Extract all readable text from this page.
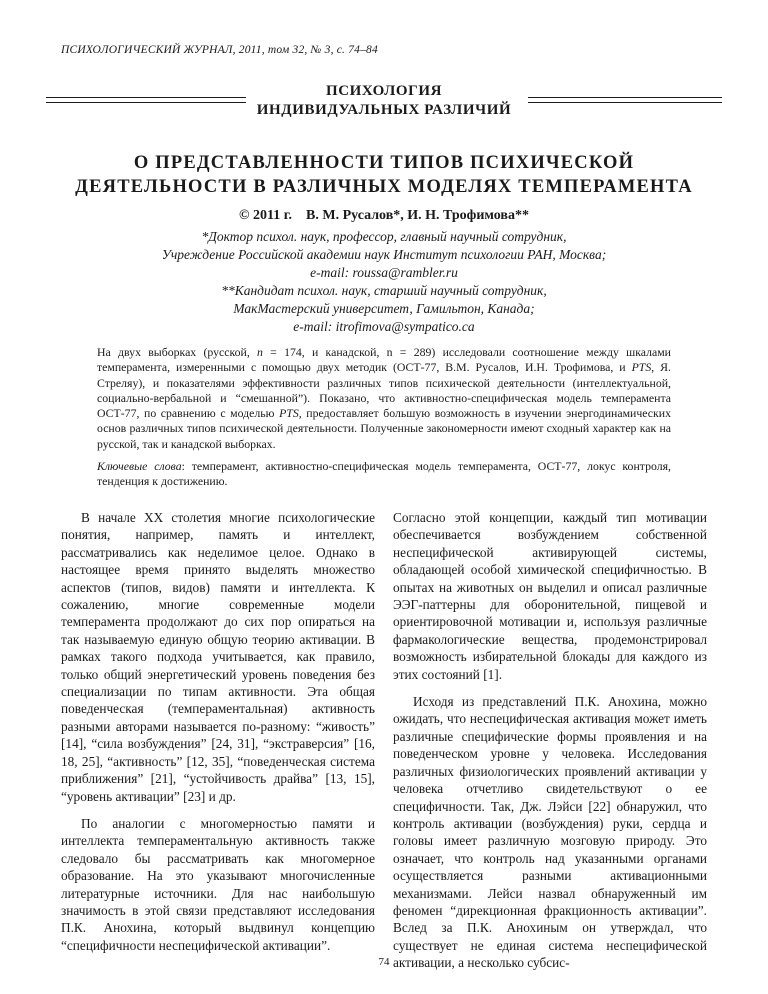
ПСИХОЛОГИЧЕСКИЙ ЖУРНАЛ, 2011, том 32, № 3, с. 74–84
ПСИХОЛОГИЯ
ИНДИВИДУАЛЬНЫХ РАЗЛИЧИЙ
О ПРЕДСТАВЛЕННОСТИ ТИПОВ ПСИХИЧЕСКОЙ
ДЕЯТЕЛЬНОСТИ В РАЗЛИЧНЫХ МОДЕЛЯХ ТЕМПЕРАМЕНТА
© 2011 г. В. М. Русалов*, И. Н. Трофимова**
*Доктор психол. наук, профессор, главный научный сотрудник,
Учреждение Российской академии наук Институт психологии РАН, Москва;
e-mail: roussa@rambler.ru
**Кандидат психол. наук, старший научный сотрудник,
МакМастерский университет, Гамильтон, Канада;
e-mail: itrofimova@sympatico.ca
На двух выборках (русской, n = 174, и канадской, n = 289) исследовали соотношение между шкалами темперамента, измеренными с помощью двух методик (ОСТ-77, В.М. Русалов, И.Н. Трофимова, и PTS, Я. Стреляу), и показателями эффективности различных типов психической деятельности (интеллектуальной, социально-вербальной и “смешанной”). Показано, что активностно-специфическая модель темперамента ОСТ-77, по сравнению с моделью PTS, предоставляет большую возможность в изучении энергодинамических основ различных типов психической деятельности. Полученные закономерности имеют сходный характер как на русской, так и канадской выборках.
Ключевые слова: темперамент, активностно-специфическая модель темперамента, ОСТ-77, локус контроля, тенденция к достижению.

В начале XX столетия многие психологические понятия, например, память и интеллект, рассматривались как неделимое целое. Однако в настоящее время принято выделять множество аспектов (типов, видов) памяти и интеллекта. К сожалению, многие современные модели темперамента продолжают до сих пор опираться на так называемую единую общую теорию активации. В рамках такого подхода учитывается, как правило, только общий энергетический уровень поведения без специализации по типам активности. Эта общая поведенческая (темпераментальная) активность разными авторами называется по-разному: “живость” [14], “сила возбуждения” [24, 31], “экстраверсия” [16, 18, 25], “активность” [12, 35], “поведенческая система приближения” [21], “устойчивость драйва” [13, 15], “уровень активации” [23] и др.

По аналогии с многомерностью памяти и интеллекта темпераментальную активность также следовало бы рассматривать как многомерное образование. На это указывают многочисленные литературные источники. Для нас наибольшую значимость в этой связи представляют исследования П.К. Анохина, который выдвинул концепцию “специфичности неспецифической активации”.

Согласно этой концепции, каждый тип мотивации обеспечивается возбуждением собственной неспецифической активирующей системы, обладающей особой химической специфичностью. В опытах на животных он выделил и описал различные ЭЭГ-паттерны для оборонительной, пищевой и ориентировочной мотивации и, используя различные фармакологические вещества, продемонстрировал возможность избирательной блокады для каждого из этих состояний [1].

Исходя из представлений П.К. Анохина, можно ожидать, что неспецифическая активация может иметь различные специфические формы проявления и на поведенческом уровне у человека. Исследования различных физиологических проявлений активации у человека отчетливо свидетельствуют о ее специфичности. Так, Дж. Лэйси [22] обнаружил, что контроль активации (возбуждения) руки, сердца и головы имеет различную мозговую природу. Это означает, что контроль над указанными органами осуществляется разными активационными механизмами. Лейси назвал обнаруженный им феномен “дирекционная фракционность активации”. Вслед за П.К. Анохиным он утверждал, что существует не единая система неспецифической активации, а несколько субсис-

74
